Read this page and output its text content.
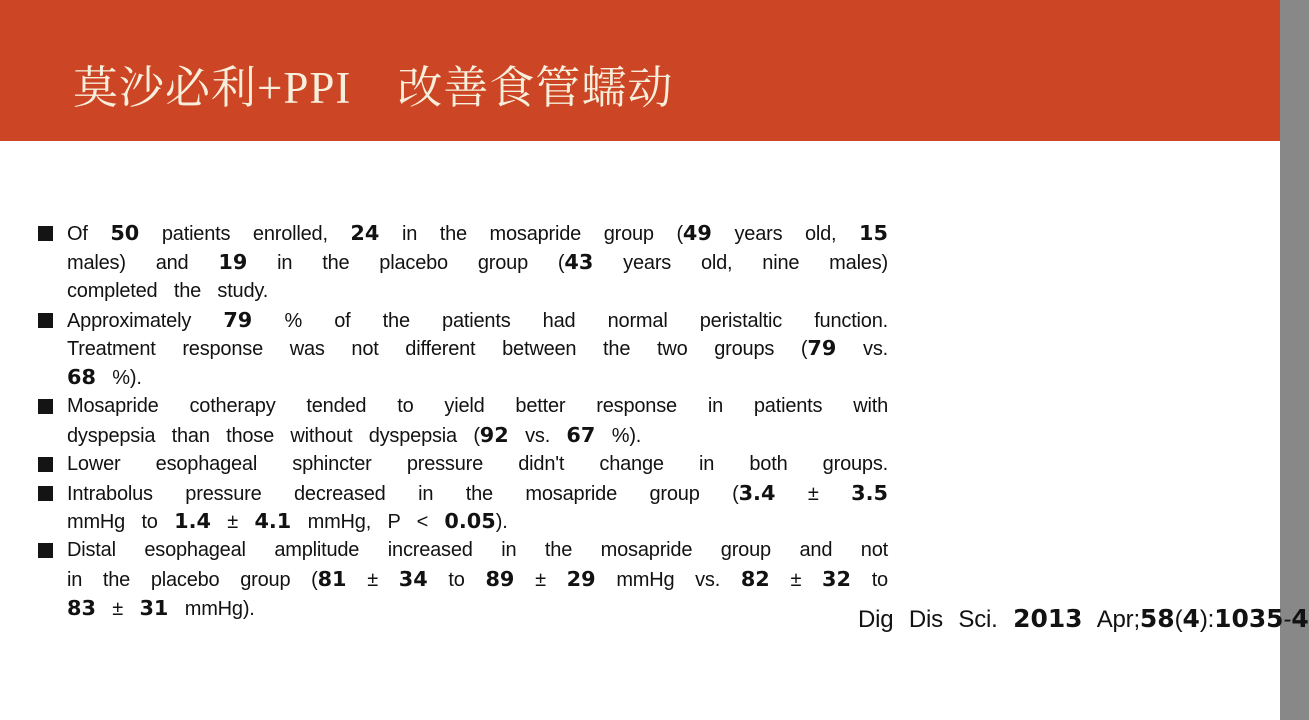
莫沙必利+PPI　改善食管蠕动
Of 50 patients enrolled, 24 in the mosapride group (49 years old, 15
males) and 19 in the placebo group (43 years old, nine males)
completed the study.
Approximately 79 % of the patients had normal peristaltic function.
Treatment response was not different between the two groups (79 vs.
68 %).
Mosapride cotherapy tended to yield better response in patients with
dyspepsia than those without dyspepsia (92 vs. 67 %).
Lower esophageal sphincter pressure didn't change in both groups.
Intrabolus pressure decreased in the mosapride group (3.4 ± 3.5
mmHg to 1.4 ± 4.1 mmHg, P < 0.05).
Distal esophageal amplitude increased in the mosapride group and not
in the placebo group (81 ± 34 to 89 ± 29 mmHg vs. 82 ± 32 to
83 ± 31 mmHg).	Dig Dis Sci. 2013 Apr;58(4):1035-4
